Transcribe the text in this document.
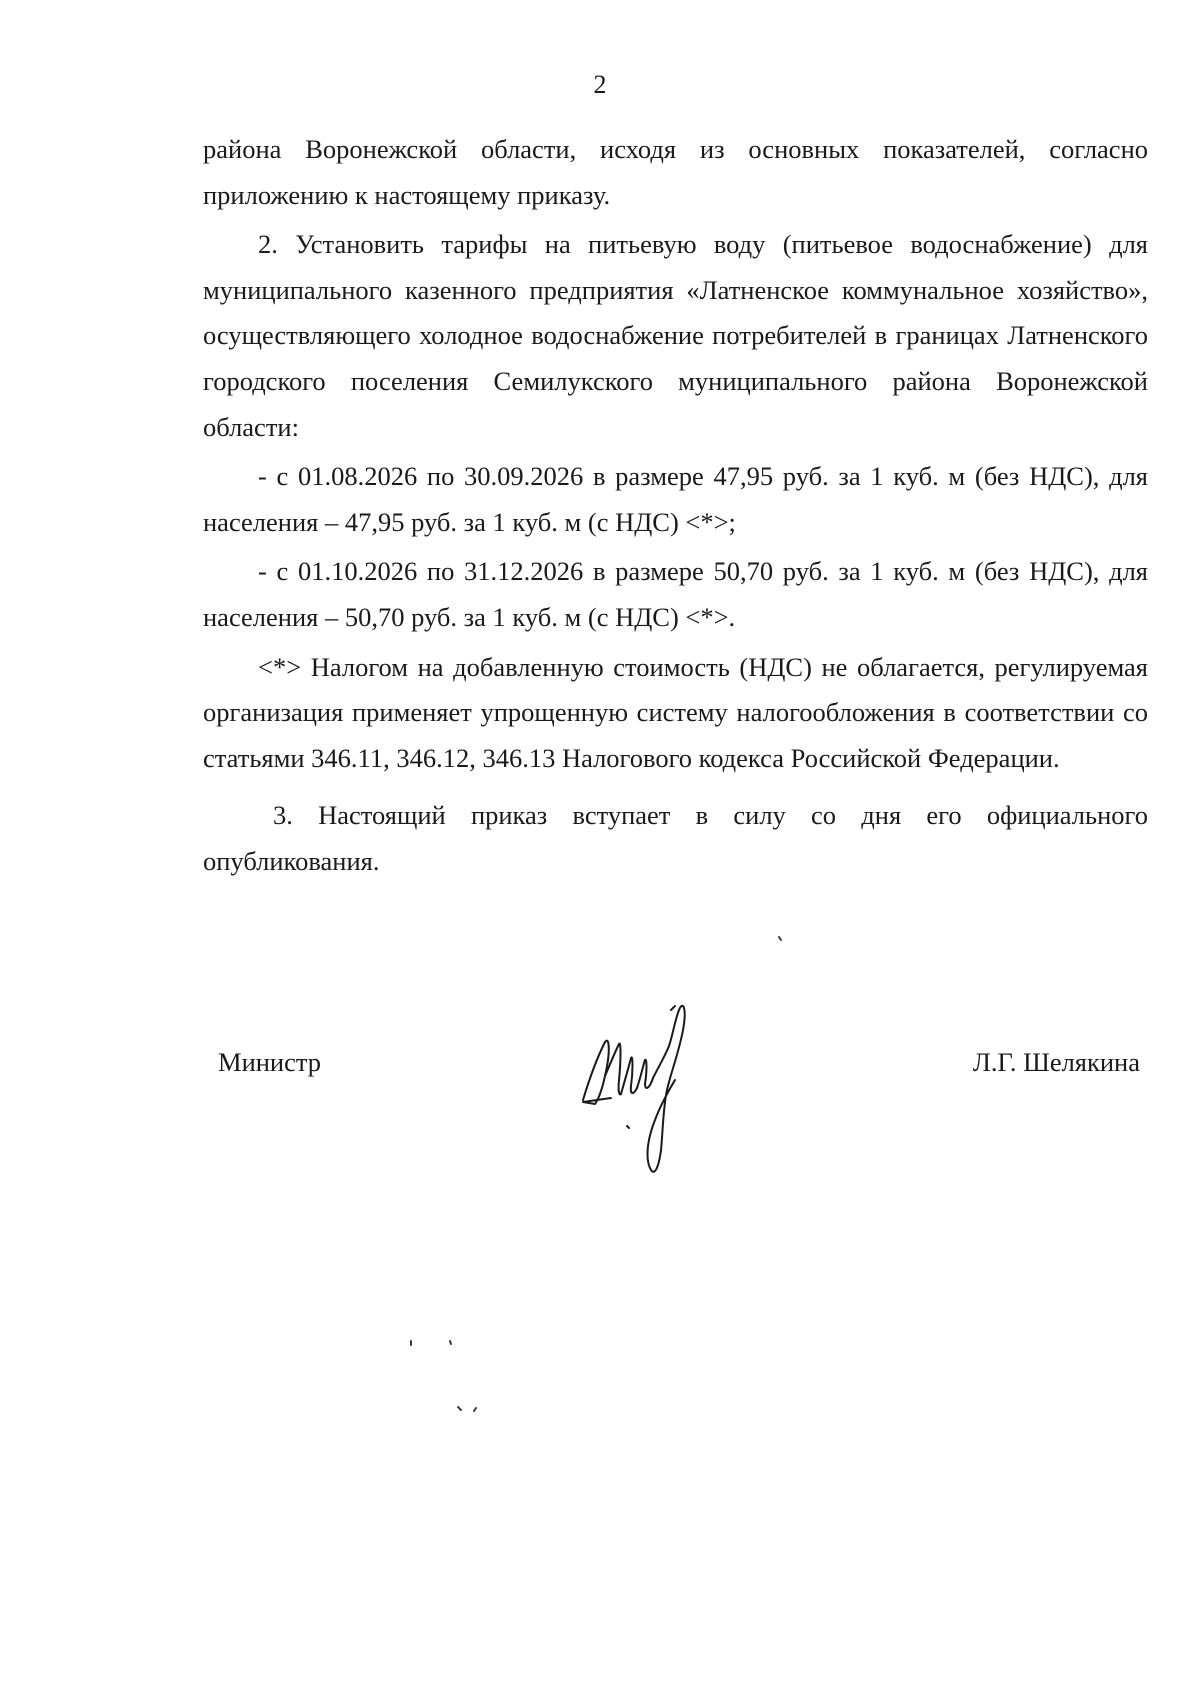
2

района Воронежской области, исходя из основных показателей, согласно приложению к настоящему приказу.

2. Установить тарифы на питьевую воду (питьевое водоснабжение) для муниципального казенного предприятия «Латненское коммунальное хозяйство», осуществляющего холодное водоснабжение потребителей в границах Латненского городского поселения Семилукского муниципального района Воронежской области:

- с 01.08.2026 по 30.09.2026 в размере 47,95 руб. за 1 куб. м (без НДС), для населения – 47,95 руб. за 1 куб. м (с НДС) <*>;

- с 01.10.2026 по 31.12.2026 в размере 50,70 руб. за 1 куб. м (без НДС), для населения – 50,70 руб. за 1 куб. м (с НДС) <*>.

<*> Налогом на добавленную стоимость (НДС) не облагается, регулируемая организация применяет упрощенную систему налогообложения в соответствии со статьями 346.11, 346.12, 346.13 Налогового кодекса Российской Федерации.

3. Настоящий приказ вступает в силу со дня его официального опубликования.

Министр	Л.Г. Шелякина
